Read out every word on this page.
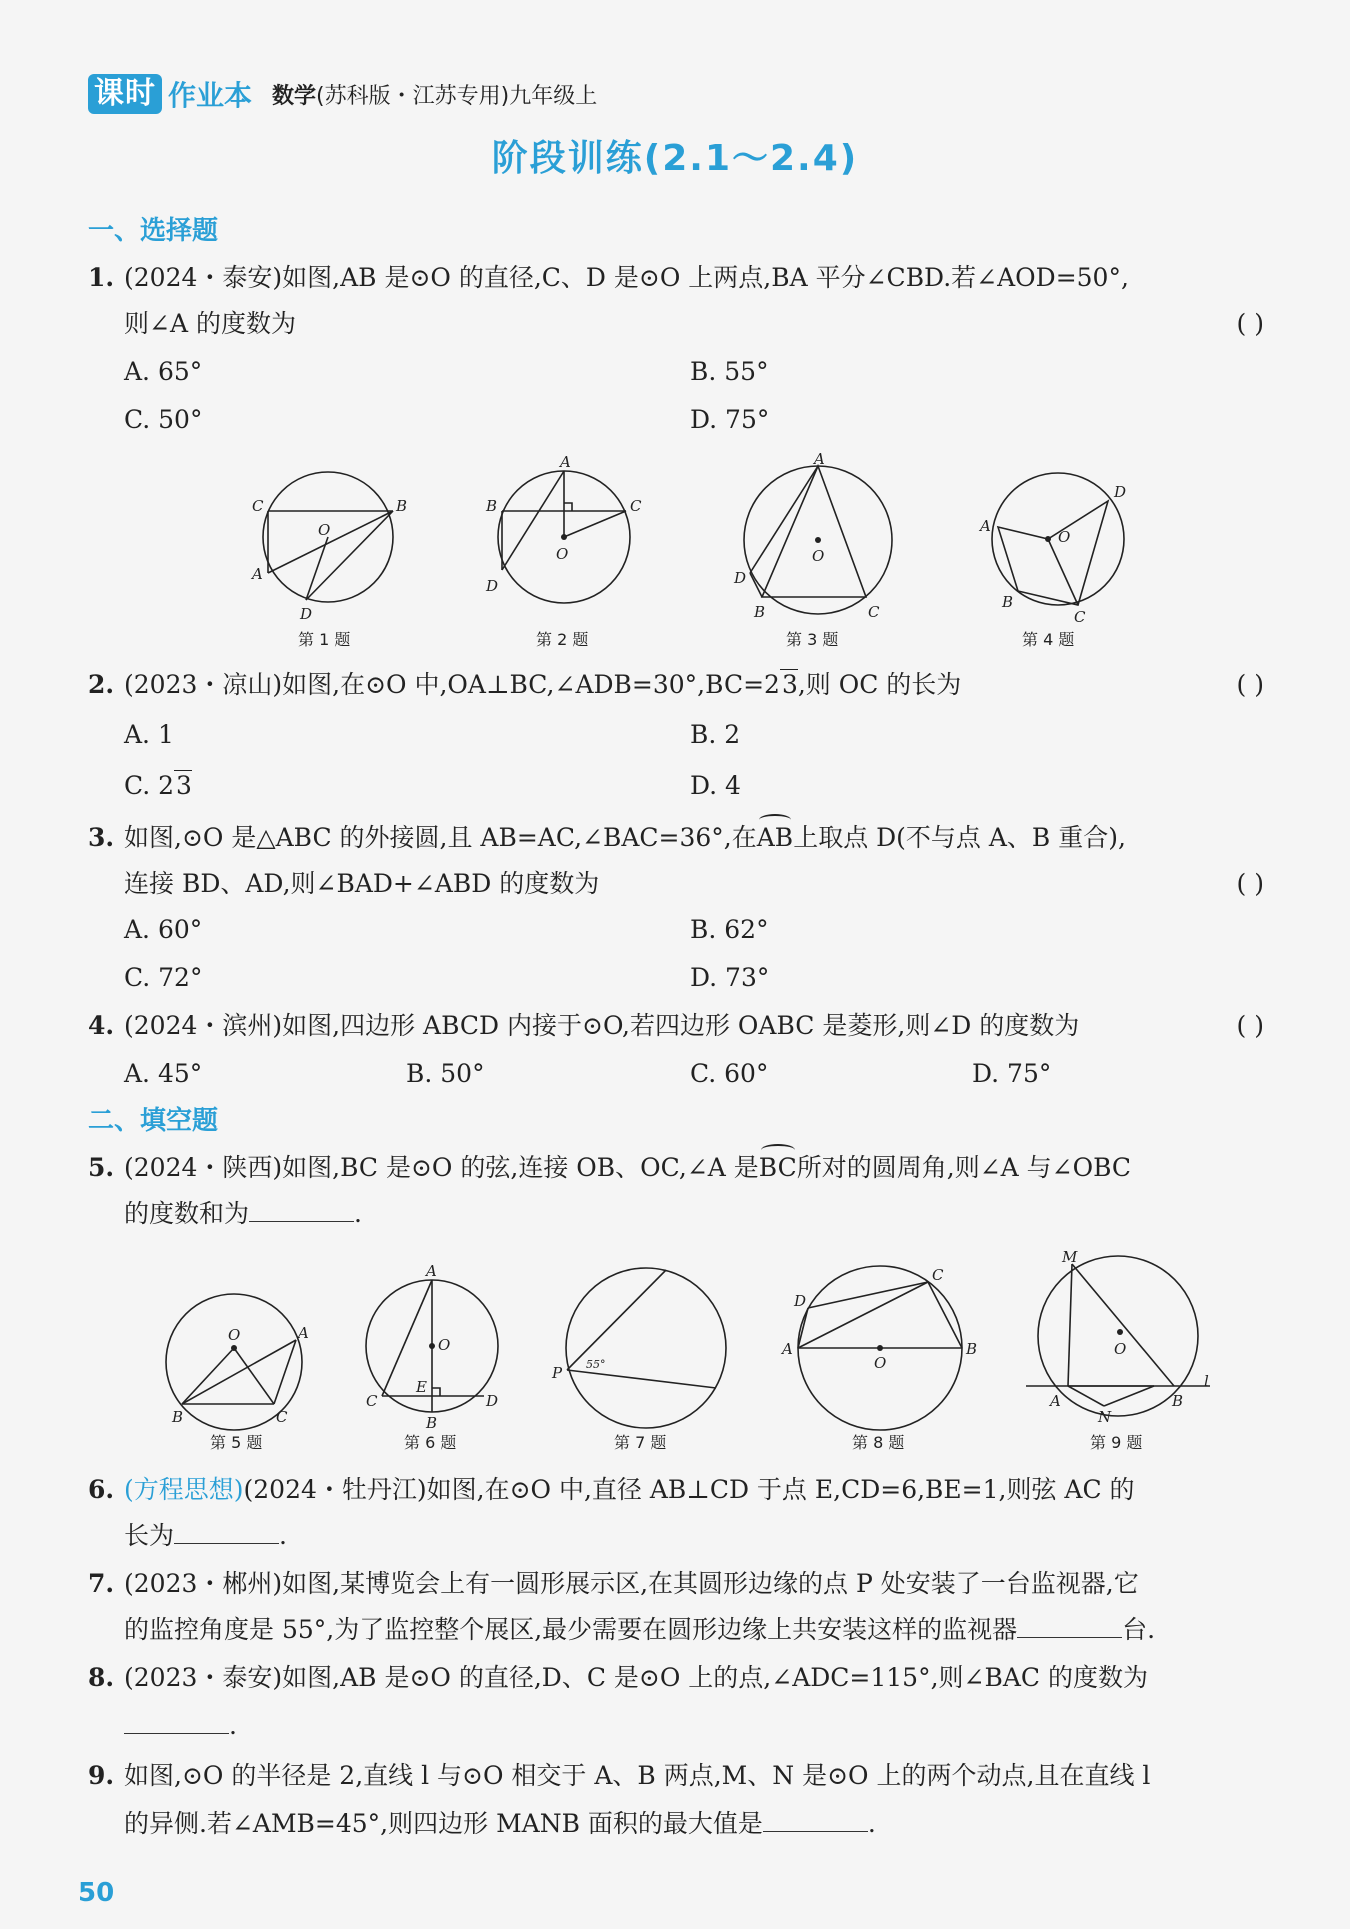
课时 作业本 数学(苏科版・江苏专用)九年级上
阶段训练(2.1～2.4)
一、选择题
1. (2024・泰安)如图,AB 是⊙O 的直径,C、D 是⊙O 上两点,BA 平分∠CBD.若∠AOD=50°,
则∠A 的度数为	( )
A. 65°	B. 55°
C. 50°	D. 75°
C	B
O
A
D
第 1 题
A
B	C
O
D
第 2 题
A
O
D
B	C
第 3 题
D
A
O
B
C
第 4 题
2. (2023・凉山)如图,在⊙O 中,OA⊥BC,∠ADB=30°,BC=23,则 OC 的长为	( )
A. 1	B. 2
C. 23	D. 4
3. 如图,⊙O 是△ABC 的外接圆,且 AB=AC,∠BAC=36°,在AB上取点 D(不与点 A、B 重合),
连接 BD、AD,则∠BAD+∠ABD 的度数为	( )
A. 60°	B. 62°
C. 72°	D. 73°
4. (2024・滨州)如图,四边形 ABCD 内接于⊙O,若四边形 OABC 是菱形,则∠D 的度数为	( )
A. 45°	B. 50°	C. 60°	D. 75°
二、填空题
5. (2024・陕西)如图,BC 是⊙O 的弦,连接 OB、OC,∠A 是BC所对的圆周角,则∠A 与∠OBC
的度数和为	.
O	A
B	C
第 5 题
A
O
E
C	D
B
第 6 题
P 55°
第 7 题
C
D
A
O
B
第 8 题
M
O
A	B
N
l
第 9 题
6. (方程思想)(2024・牡丹江)如图,在⊙O 中,直径 AB⊥CD 于点 E,CD=6,BE=1,则弦 AC 的
长为	.
7. (2023・郴州)如图,某博览会上有一圆形展示区,在其圆形边缘的点 P 处安装了一台监视器,它
的监控角度是 55°,为了监控整个展区,最少需要在圆形边缘上共安装这样的监视器	台.
8. (2023・泰安)如图,AB 是⊙O 的直径,D、C 是⊙O 上的点,∠ADC=115°,则∠BAC 的度数为
.
9. 如图,⊙O 的半径是 2,直线 l 与⊙O 相交于 A、B 两点,M、N 是⊙O 上的两个动点,且在直线 l
的异侧.若∠AMB=45°,则四边形 MANB 面积的最大值是	.
50
